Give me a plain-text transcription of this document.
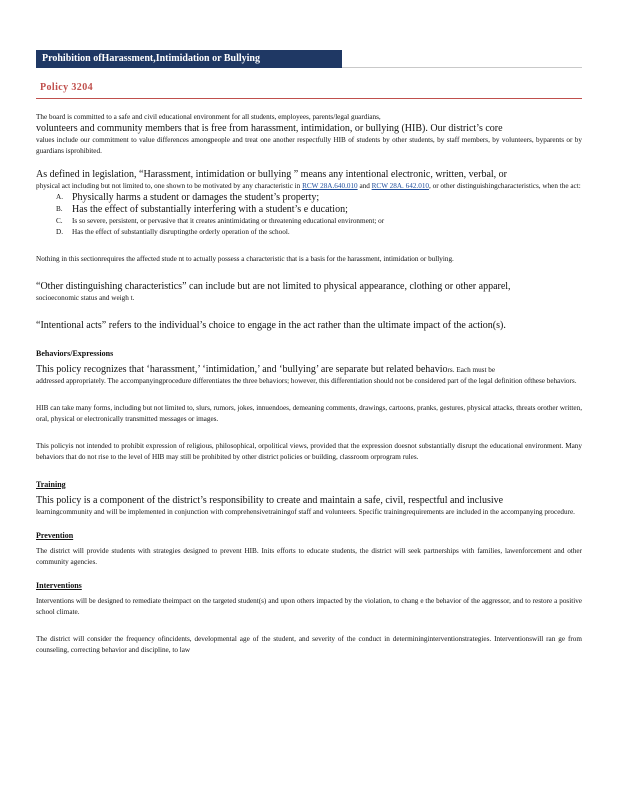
Prohibition ofHarassment,Intimidation or Bullying
Policy 3204

The board is committed to a safe and civil educational environment for all students, employees, parents/legal guardians,

volunteers and community members that is free from harassment, intimidation, or bullying (HIB). Our district’s core

values include our commitment to value differences amongpeople and treat one another respectfully HIB of students by other students, by staff members, by volunteers, byparents or by guardians isprohibited.

As defined in legislation, “Harassment, intimidation or bullying ” means any intentional electronic, written, verbal, or

physical act including but not limited to, one shown to be motivated by any characteristic in RCW 28A.640.010 and RCW 28A. 642.010, or other distinguishingcharacteristics, when the act:

A. Physically harms a student or damages the student’s property;
B. Has the effect of substantially interfering with a student’s e ducation;
C. Is so severe, persistent, or pervasive that it creates anintimidating or threatening educational environment; or
D. Has the effect of substantially disruptingthe orderly operation of the school.

Nothing in this sectionrequires the affected stude nt to actually possess a characteristic that is a basis for the harassment, intimidation or bullying.

“Other distinguishing characteristics” can include but are not limited to physical appearance, clothing or other apparel,

socioeconomic status and weigh t.

“Intentional acts” refers to the individual’s choice to engage in the act rather than the ultimate impact of the action(s).

Behaviors/Expressions

This policy recognizes that ‘harassment,’ ‘intimidation,’ and ‘bullying’ are separate but related behaviors. Each must be

addressed appropriately. The accompanyingprocedure differentiates the three behaviors; however, this differentiation should not be considered part of the legal definition ofthese behaviors.

HIB can take many forms, including but not limited to, slurs, rumors, jokes, innuendoes, demeaning comments, drawings, cartoons, pranks, gestures, physical attacks, threats orother written, oral, physical or electronically transmitted messages or images.

This policyis not intended to prohibit expression of religious, philosophical, orpolitical views, provided that the expression doesnot substantially disrupt the educational environment. Many behaviors that do not rise to the level of HIB may still be prohibited by other district policies or building, classroom orprogram rules.

Training

This policy is a component of the district’s responsibility to create and maintain a safe, civil, respectful and inclusive

learningcommunity and will be implemented in conjunction with comprehensivetrainingof staff and volunteers. Specific trainingrequirements are included in the accompanying procedure.

Prevention

The district will provide students with strategies designed to prevent HIB. Inits efforts to educate students, the district will seek partnerships with families, lawenforcement and other community agencies.

Interventions

Interventions will be designed to remediate theimpact on the targeted student(s) and upon others impacted by the violation, to chang e the behavior of the aggressor, and to restore a positive school climate.

The district will consider the frequency ofincidents, developmental age of the student, and severity of the conduct in determininginterventionstrategies. Interventionswill ran ge from counseling, correcting behavior and discipline, to law
